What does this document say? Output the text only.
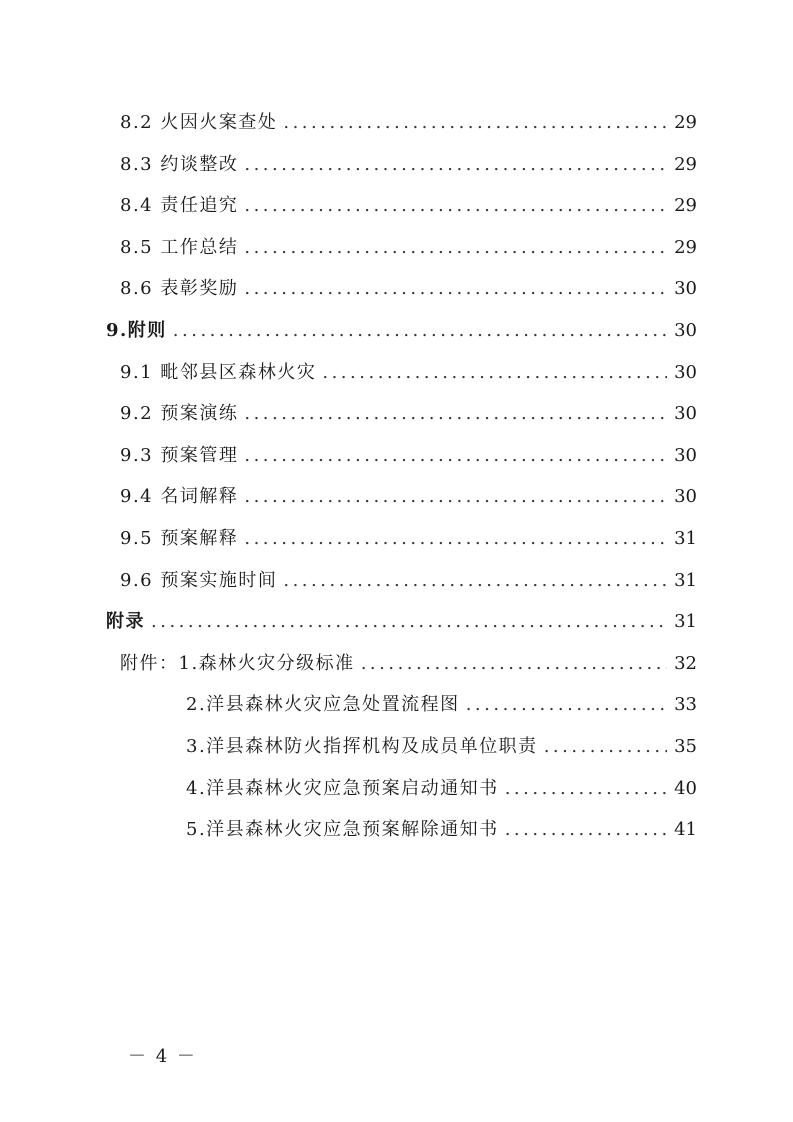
8.2 火因火案查处 .....	29
8.3 约谈整改 .....	29
8.4 责任追究 .....	29
8.5 工作总结 .....	29
8.6 表彰奖励 .....	30
9.附则 .....	30
9.1 毗邻县区森林火灾 .....	30
9.2 预案演练 .....	30
9.3 预案管理 .....	30
9.4 名词解释 .....	30
9.5 预案解释 .....	31
9.6 预案实施时间 .....	31
附录 .....	31
附件：1.森林火灾分级标准 .....	32
2.洋县森林火灾应急处置流程图 .....	33
3.洋县森林防火指挥机构及成员单位职责 .....	35
4.洋县森林火灾应急预案启动通知书 .....	40
5.洋县森林火灾应急预案解除通知书 .....	41
－ 4 －
